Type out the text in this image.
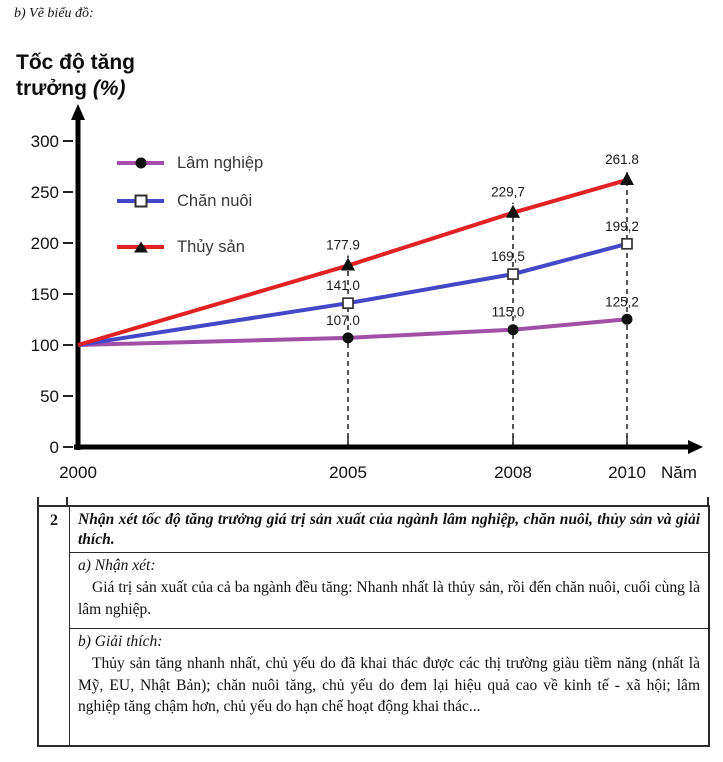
b) Vẽ biểu đồ:
Tốc độ tăng trưởng (%)
0
50
100
150
200
250
300
2000	2005	2008	2010 Năm
107.0
115,0
125,2
141.0
169,5
199,2
177.9
229,7
261.8
Lâm nghiệp
Chăn nuôi
Thủy sản
2	Nhận xét tốc độ tăng trưởng giá trị sản xuất của ngành lâm nghiệp, chăn nuôi, thủy sản và giải thích.
a) Nhận xét:

Giá trị sản xuất của cả ba ngành đều tăng: Nhanh nhất là thủy sản, rồi đến chăn nuôi, cuối cùng là lâm nghiệp.

b) Giải thích:

Thủy sản tăng nhanh nhất, chủ yếu do đã khai thác được các thị trường giàu tiềm năng (nhất là Mỹ, EU, Nhật Bản); chăn nuôi tăng, chủ yếu do đem lại hiệu quả cao về kinh tế - xã hội; lâm nghiệp tăng chậm hơn, chủ yếu do hạn chế hoạt động khai thác...
